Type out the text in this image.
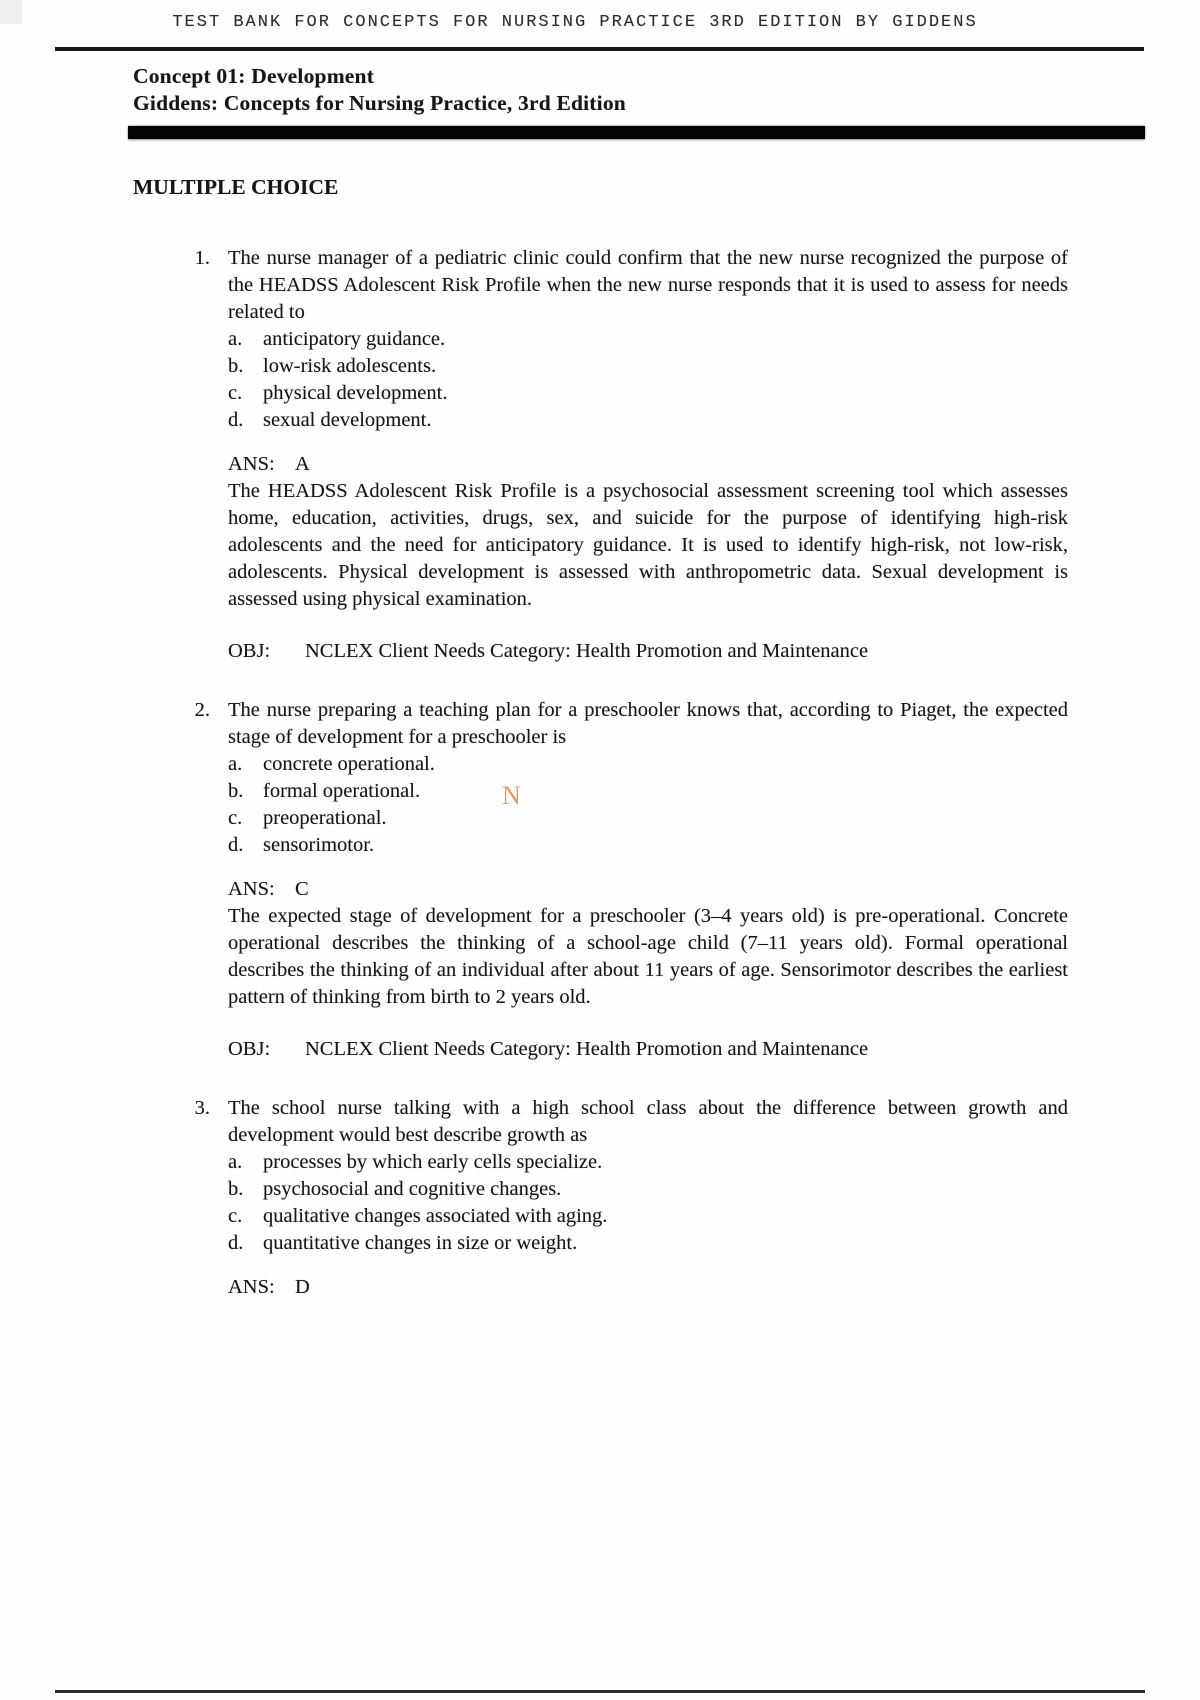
TEST BANK FOR CONCEPTS FOR NURSING PRACTICE 3RD EDITION BY GIDDENS
Concept 01: Development
Giddens: Concepts for Nursing Practice, 3rd Edition
MULTIPLE CHOICE
1. The nurse manager of a pediatric clinic could confirm that the new nurse recognized the purpose of the HEADSS Adolescent Risk Profile when the new nurse responds that it is used to assess for needs related to

a.	anticipatory guidance.
b. low-risk adolescents.
c.	physical development.
d. sexual development.
ANS: A

The HEADSS Adolescent Risk Profile is a psychosocial assessment screening tool which assesses home, education, activities, drugs, sex, and suicide for the purpose of identifying high-risk adolescents and the need for anticipatory guidance. It is used to identify high-risk, not low-risk, adolescents. Physical development is assessed with anthropometric data. Sexual development is assessed using physical examination.

OBJ:	NCLEX Client Needs Category: Health Promotion and Maintenance
2. The nurse preparing a teaching plan for a preschooler knows that, according to Piaget, the expected stage of development for a preschooler is

a.	concrete operational.
b. formal operational.
c.	preoperational.
d. sensorimotor.
ANS: C

The expected stage of development for a preschooler (3–4 years old) is pre-operational. Concrete operational describes the thinking of a school-age child (7–11 years old). Formal operational describes the thinking of an individual after about 11 years of age. Sensorimotor describes the earliest pattern of thinking from birth to 2 years old.

OBJ:	NCLEX Client Needs Category: Health Promotion and Maintenance
3. The school nurse talking with a high school class about the difference between growth and development would best describe growth as

a.	processes by which early cells specialize.
b. psychosocial and cognitive changes.
c.	qualitative changes associated with aging.
d. quantitative changes in size or weight.
ANS: D
N
